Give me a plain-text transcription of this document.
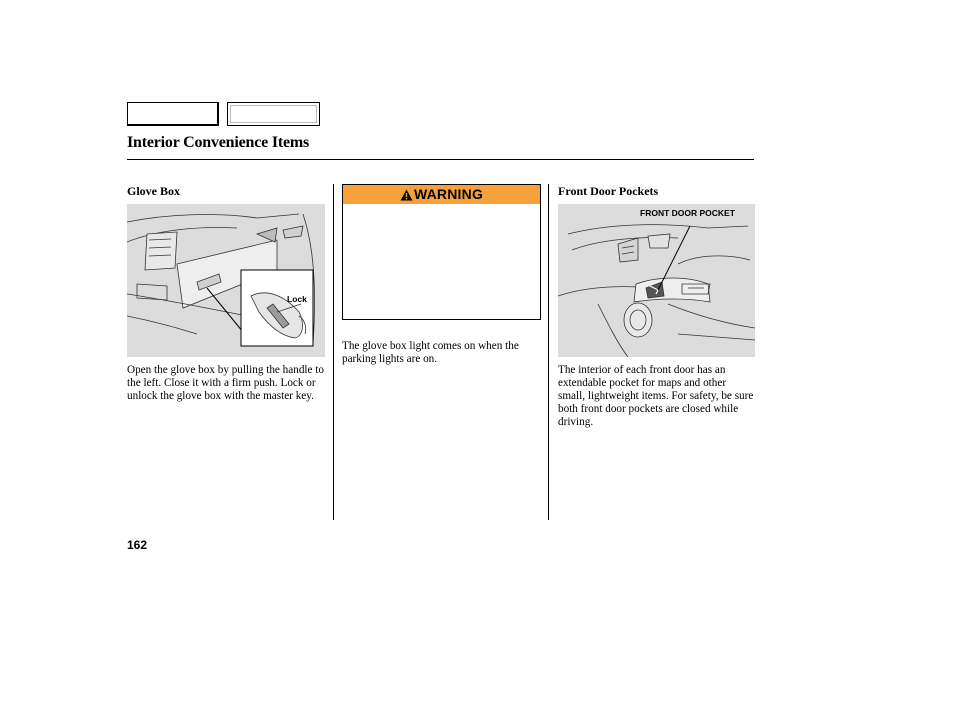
Interior Convenience Items
Glove Box
Lock

Open the glove box by pulling the handle to the left. Close it with a firm push. Lock or unlock the glove box with the master key.

WARNING

The glove box light comes on when the parking lights are on.

Front Door Pockets
FRONT DOOR POCKET

The interior of each front door has an extendable pocket for maps and other small, lightweight items. For safety, be sure both front door pockets are closed while driving.

162
